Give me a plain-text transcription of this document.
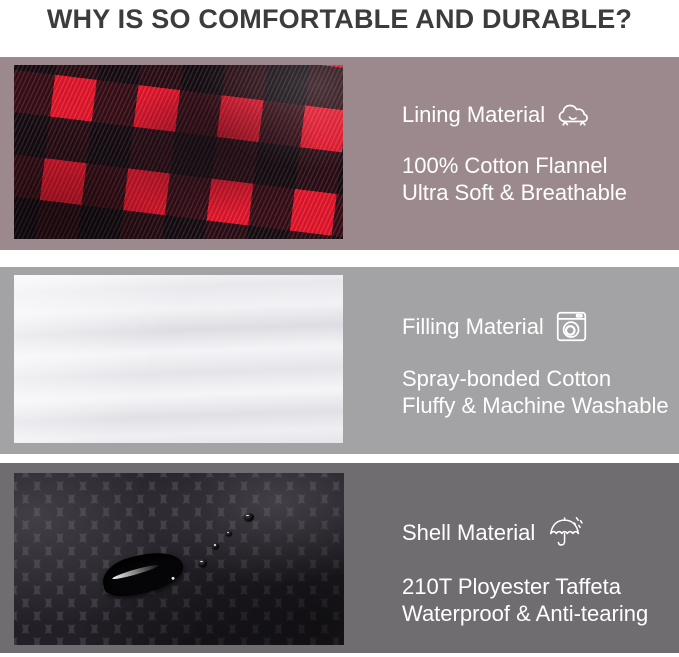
WHY IS SO COMFORTABLE AND DURABLE?
Lining Material
100% Cotton Flannel
Ultra Soft & Breathable
Filling Material
Spray-bonded Cotton
Fluffy & Machine Washable
Shell Material
210T Ployester Taffeta
Waterproof & Anti-tearing
